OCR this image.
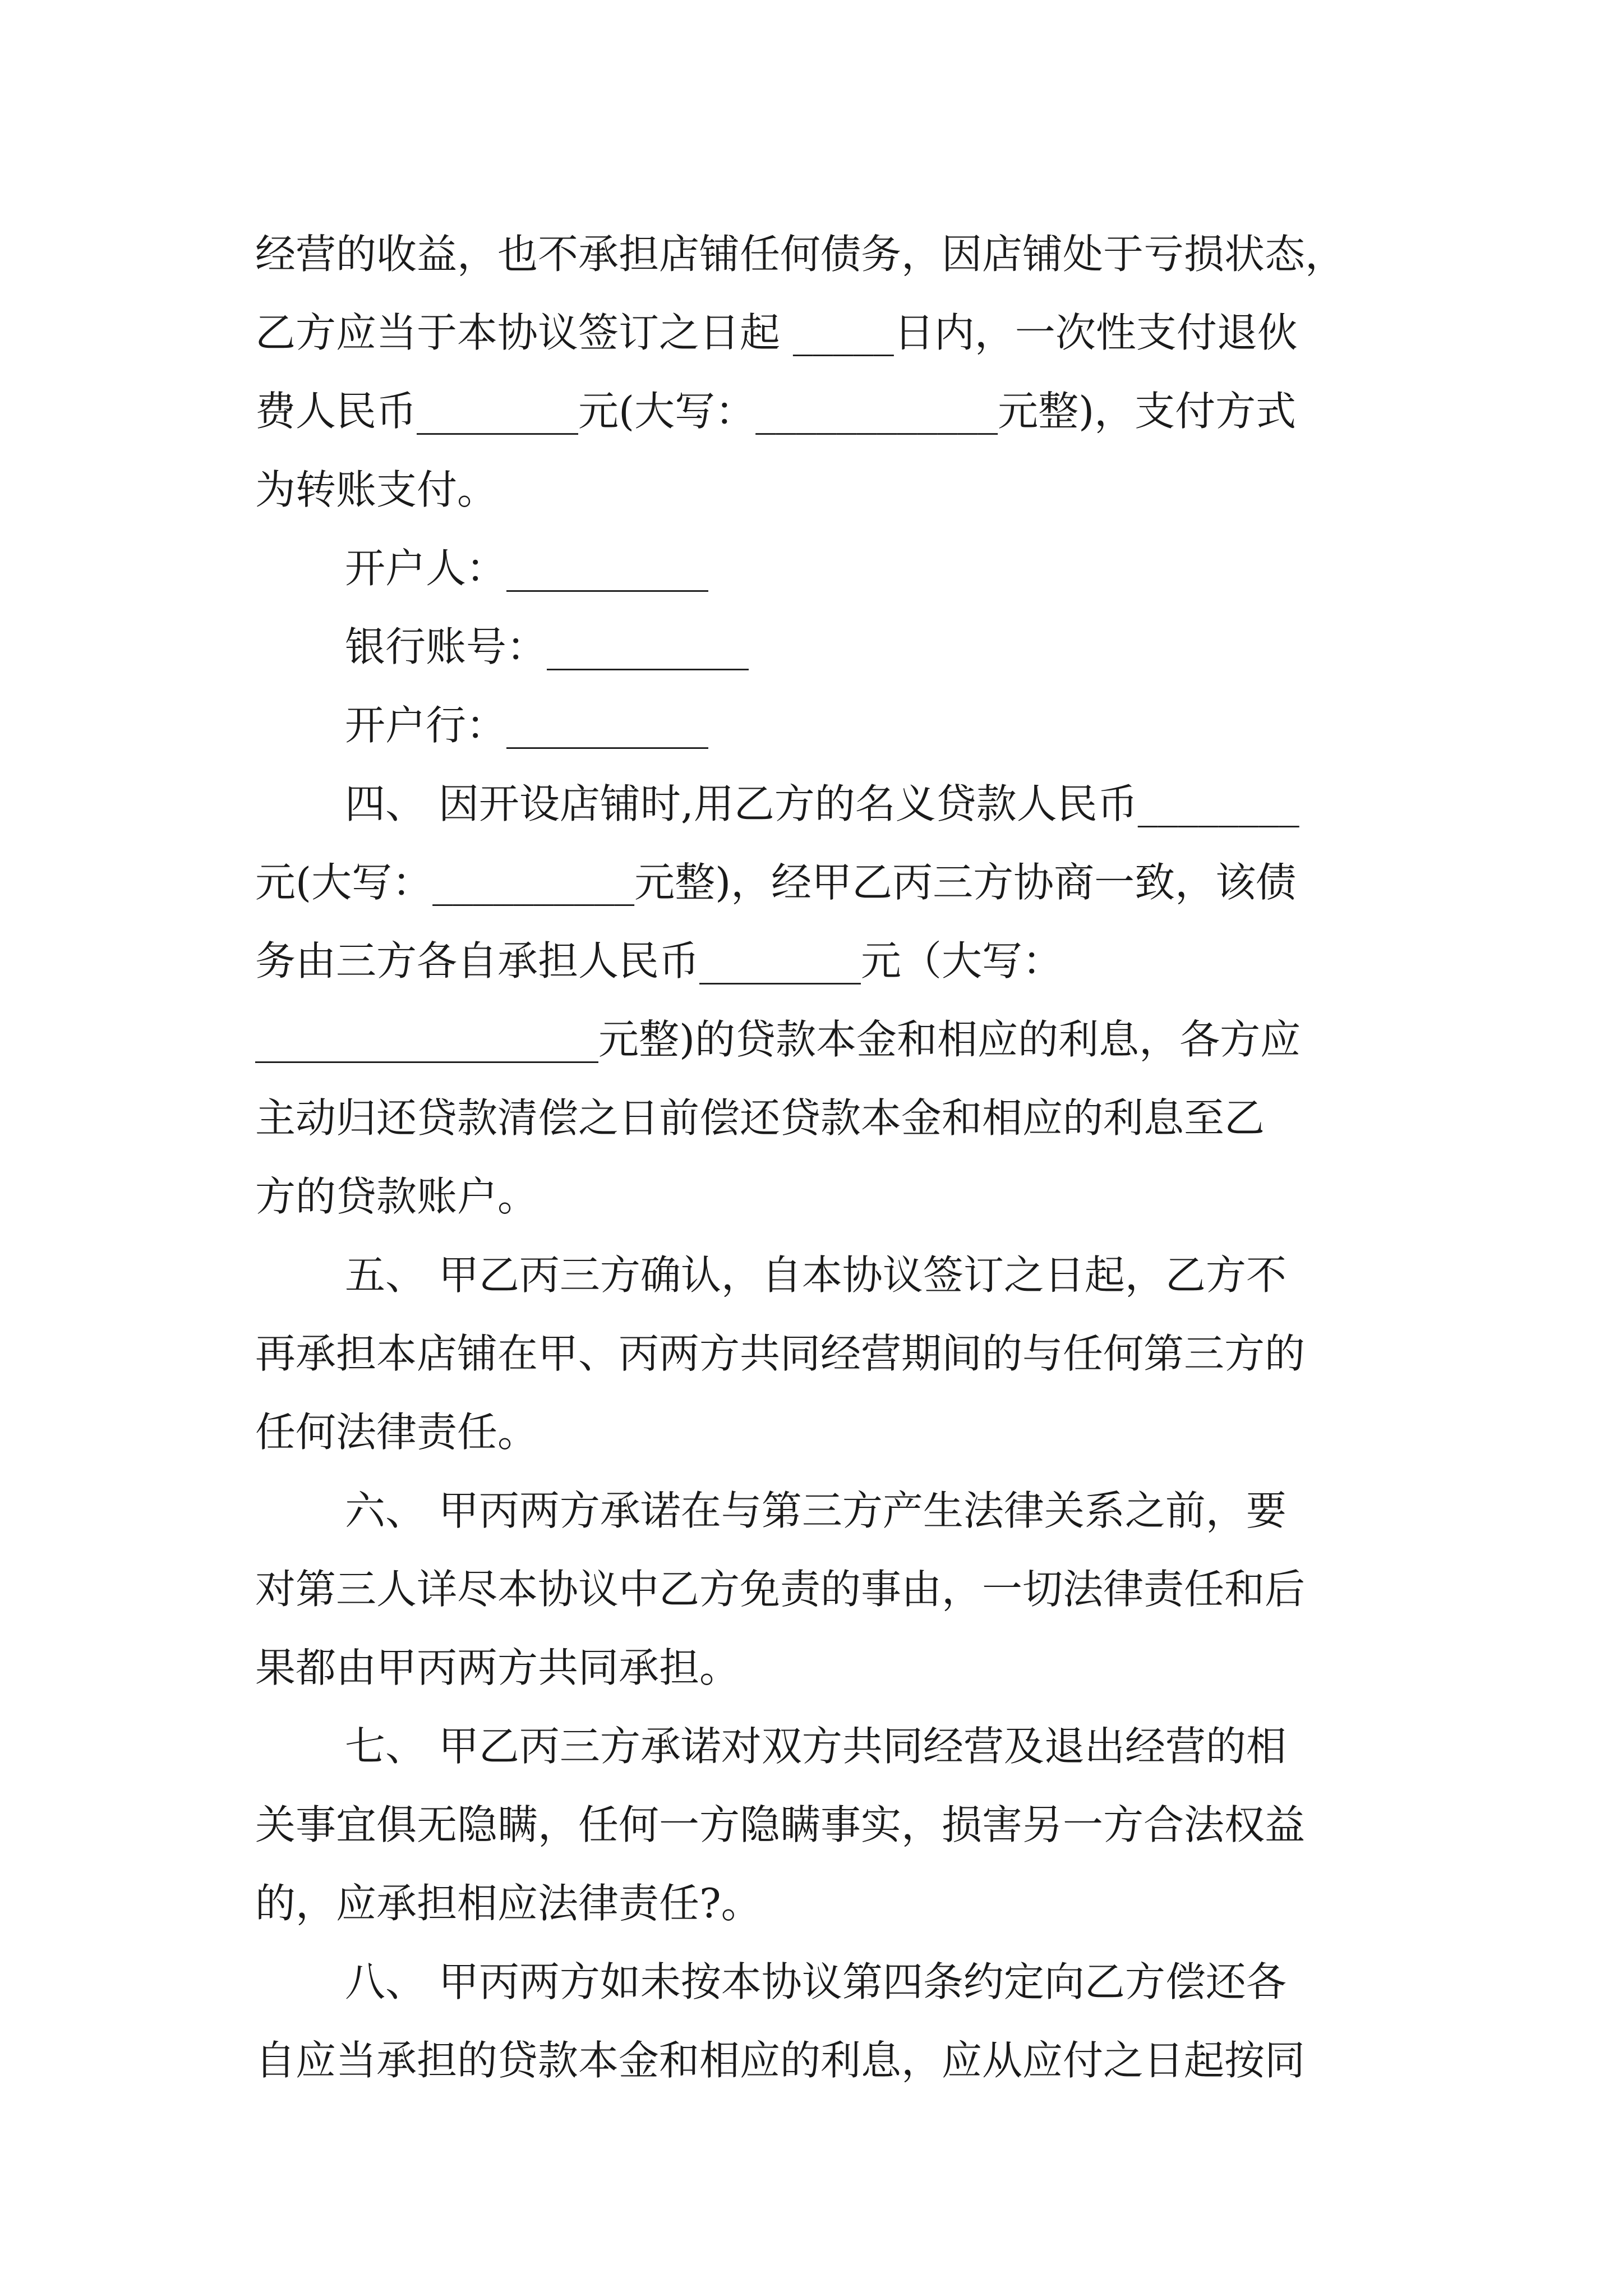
经营的收益，也不承担店铺任何债务，因店铺处于亏损状态，
乙方应当于本协议签订之日起 _____日内，一次性支付退伙
费人民币________元(大写：____________元整)，支付方式
为转账支付。
开户人：__________
银行账号：__________
开户行：__________
四、 因开设店铺时,用乙方的名义贷款人民币________
元(大写：__________元整)，经甲乙丙三方协商一致，该债
务由三方各自承担人民币________元（大写：
_________________元整)的贷款本金和相应的利息，各方应
主动归还贷款清偿之日前偿还贷款本金和相应的利息至乙
方的贷款账户。
五、 甲乙丙三方确认，自本协议签订之日起，乙方不
再承担本店铺在甲、丙两方共同经营期间的与任何第三方的
任何法律责任。
六、 甲丙两方承诺在与第三方产生法律关系之前，要
对第三人详尽本协议中乙方免责的事由，一切法律责任和后
果都由甲丙两方共同承担。
七、 甲乙丙三方承诺对双方共同经营及退出经营的相
关事宜俱无隐瞒，任何一方隐瞒事实，损害另一方合法权益
的，应承担相应法律责任?。
八、 甲丙两方如未按本协议第四条约定向乙方偿还各
自应当承担的贷款本金和相应的利息，应从应付之日起按同
